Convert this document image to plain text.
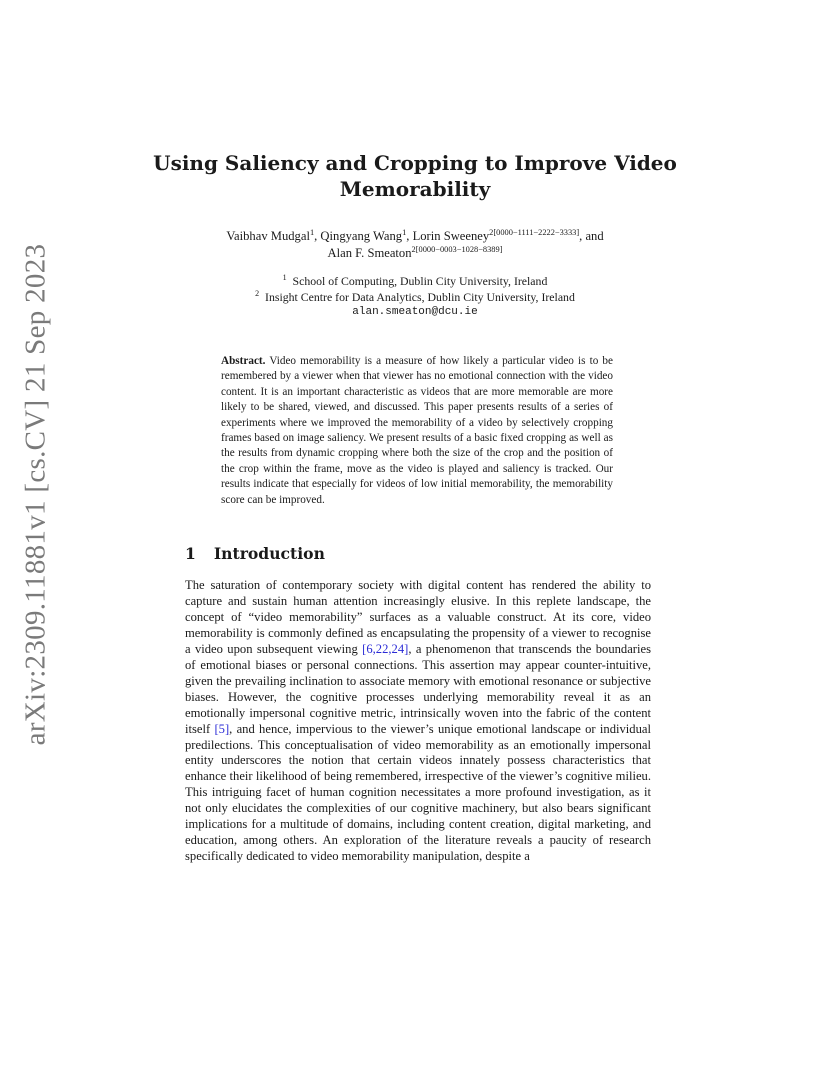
arXiv:2309.11881v1 [cs.CV] 21 Sep 2023
Using Saliency and Cropping to Improve Video Memorability
Vaibhav Mudgal$^1$, Qingyang Wang$^1$, Lorin Sweeney$^{2[0000-1111-2222-3333]}$, and
Alan F. Smeaton$^{2[0000-0003-1028-8389]}$
$^1$ School of Computing, Dublin City University, Ireland
$^2$ Insight Centre for Data Analytics, Dublin City University, Ireland
alan.smeaton@dcu.ie
Abstract. Video memorability is a measure of how likely a particular video is to be remembered by a viewer when that viewer has no emotional connection with the video content. It is an important characteristic as videos that are more memorable are more likely to be shared, viewed, and discussed. This paper presents results of a series of experiments where we improved the memorability of a video by selectively cropping frames based on image saliency. We present results of a basic fixed cropping as well as the results from dynamic cropping where both the size of the crop and the position of the crop within the frame, move as the video is played and saliency is tracked. Our results indicate that especially for videos of low initial memorability, the memorability score can be improved.
1 Introduction

The saturation of contemporary society with digital content has rendered the ability to capture and sustain human attention increasingly elusive. In this replete landscape, the concept of “video memorability” surfaces as a valuable construct. At its core, video memorability is commonly defined as encapsulating the propensity of a viewer to recognise a video upon subsequent viewing [6,22,24], a phenomenon that transcends the boundaries of emotional biases or personal connections. This assertion may appear counter-intuitive, given the prevailing inclination to associate memory with emotional resonance or subjective biases. However, the cognitive processes underlying memorability reveal it as an emotionally impersonal cognitive metric, intrinsically woven into the fabric of the content itself [5], and hence, impervious to the viewer’s unique emotional landscape or individual predilections. This conceptualisation of video memorability as an emotionally impersonal entity underscores the notion that certain videos innately possess characteristics that enhance their likelihood of being remembered, irrespective of the viewer’s cognitive milieu. This intriguing facet of human cognition necessitates a more profound investigation, as it not only elucidates the complexities of our cognitive machinery, but also bears significant implications for a multitude of domains, including content creation, digital marketing, and education, among others. An exploration of the literature reveals a paucity of research specifically dedicated to video memorability manipulation, despite a
